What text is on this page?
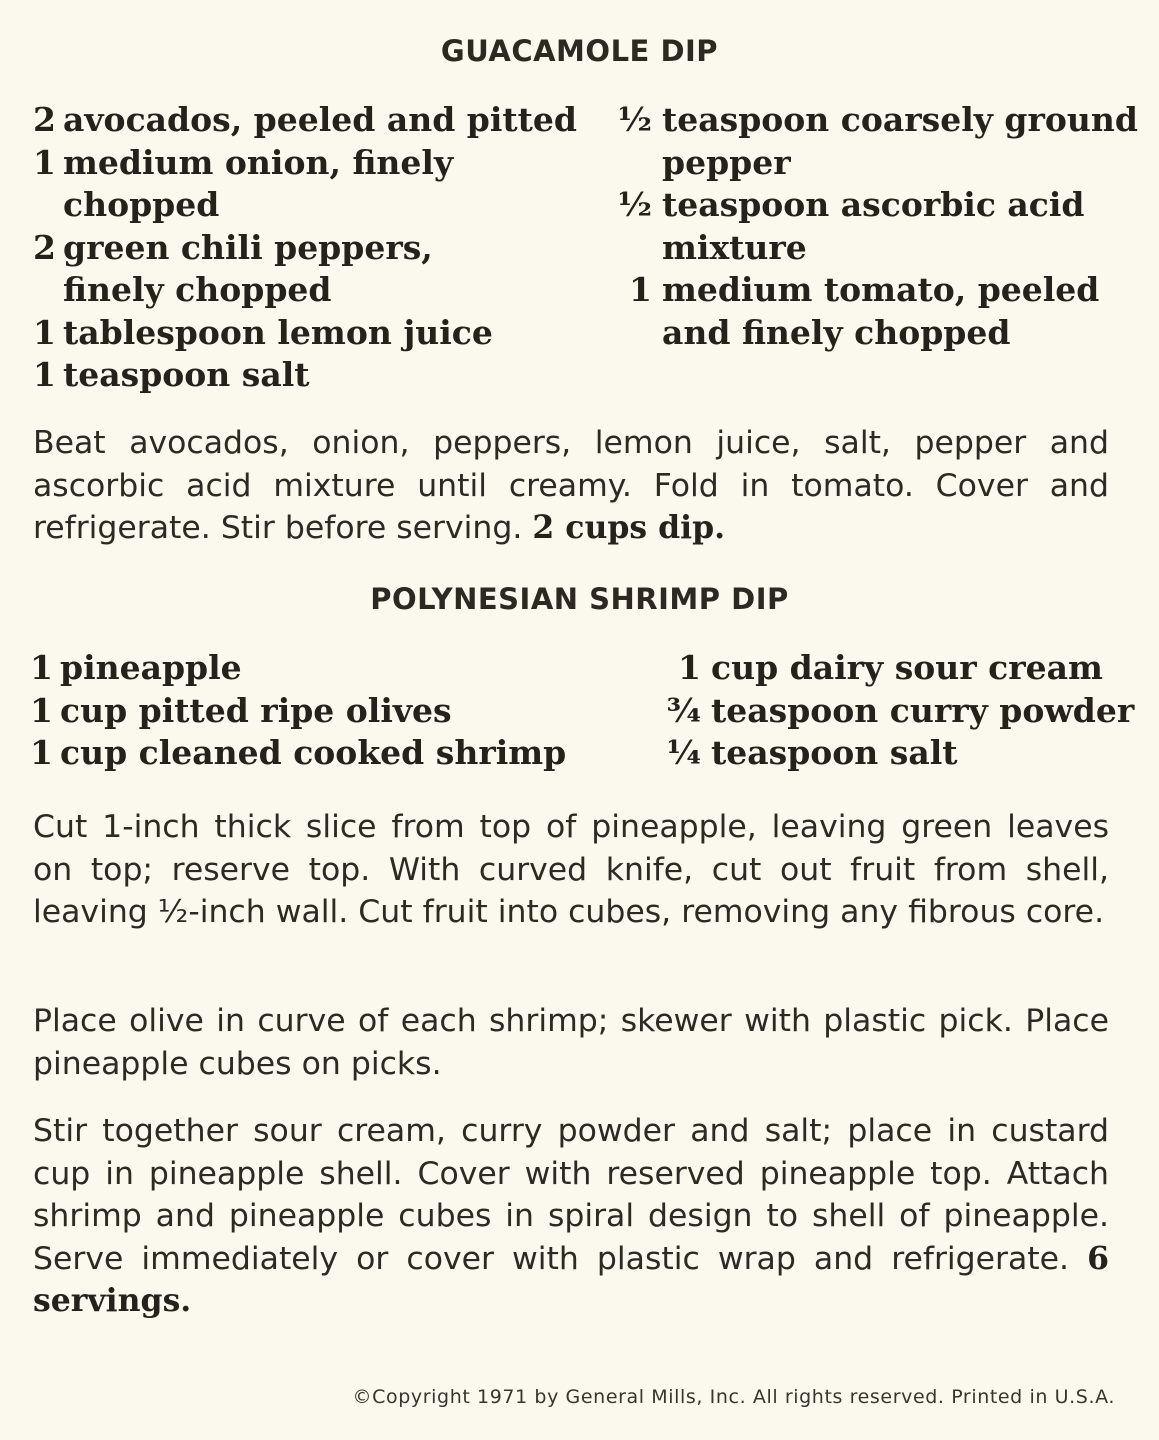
GUACAMOLE DIP
2 avocados, peeled and pitted
1 medium onion, finely
chopped
2 green chili peppers,
finely chopped
1 tablespoon lemon juice
1 teaspoon salt
½ teaspoon coarsely ground
pepper
½ teaspoon ascorbic acid
mixture
1 medium tomato, peeled
and finely chopped
Beat avocados, onion, peppers, lemon juice, salt, pepper and ascorbic acid mixture until creamy. Fold in tomato. Cover and refrigerate. Stir before serving. 2 cups dip.
POLYNESIAN SHRIMP DIP
1 pineapple
1 cup pitted ripe olives
1 cup cleaned cooked shrimp
1 cup dairy sour cream
¾ teaspoon curry powder
¼ teaspoon salt
Cut 1-inch thick slice from top of pineapple, leaving green leaves on top; reserve top. With curved knife, cut out fruit from shell, leaving ½-inch wall. Cut fruit into cubes, removing any fibrous core.
Place olive in curve of each shrimp; skewer with plastic pick. Place pineapple cubes on picks.
Stir together sour cream, curry powder and salt; place in custard cup in pineapple shell. Cover with reserved pineapple top. Attach shrimp and pineapple cubes in spiral design to shell of pineapple. Serve immediately or cover with plastic wrap and refrigerate. 6 servings.
©Copyright 1971 by General Mills, Inc. All rights reserved. Printed in U.S.A.
